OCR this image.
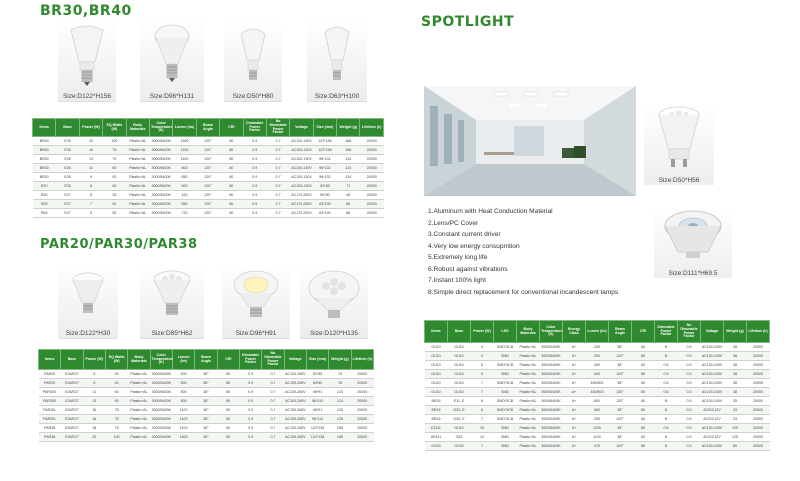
BR30,BR40
Size:D122*H156	Size:D96*H131	Size:D50*H80	Size:D63*H100
Items	Base	Power (W)	EQ.Watts (W)	Body Materials	Color Temperature (K)	Lumen (lm)	Beam Angle	CRI	Dimmable Power Factor	No Dimmable Power Factor	Voltage	Size (mm)	Weight (g)	Lifetime (h)
BR40	E26	20	100	Plastic+AL	3000/6400K	1500	120°	80	0.9	0.7	AC100-130V	122*156	168	20000
BR40	E26	16	75	Plastic+AL	3000/6400K	1100	120°	80	0.9	0.7	AC100-130V	122*156	168	20000
BR30	E26	13	75	Plastic+AL	3000/6400K	1100	120°	80	0.9	0.7	AC100-130V	96*131	124	20000
BR30	E26	11	60	Plastic+AL	3000/6400K	800	120°	80	0.9	0.7	AC100-130V	96*131	124	20000
BR30	E26	9	50	Plastic+AL	3000/6400K	650	120°	80	0.9	0.7	AC100-130V	96*131	124	20000
R20	E26	8	40	Plastic+AL	3000/6400K	500	120°	80	0.9	0.7	AC100-130V	63*85	71	20000
R50	E27	5	30	Plastic+AL	3000/6400K	420	120°	80	0.9	0.7	AC170-250V	50*80	46	20000
R63	E27	7	40	Plastic+AL	3000/6400K	550	120°	80	0.9	0.7	AC170-250V	63*100	88	20000
R63	E27	9	50	Plastic+AL	3000/6400K	720	120°	80	0.9	0.7	AC170-250V	63*100	88	20000
PAR20/PAR30/PAR38
Size:D122*H30	Size:D85*H62	Size:D96*H91	Size:D120*H135
Items	Base	Power (W)	EQ.Watts (W)	Body Materials	Color Temperature (K)	Lumen (lm)	Beam Angle	CRI	Dimmable Power Factor	No Dimmable Power Factor	Voltage	Size (mm)	Weight (g)	Lifetime (h)
PAR20	E26/E27	6	40	Plastic+AL	3000/6400K	500	38°	80	0.9	0.7	AC100-265V	62*85	78	20000
PAR20	E26/E27	8	40	Plastic+AL	3000/6400K	500	38°	80	0.9	0.7	AC100-265V	64*82	78	20000
PAR30S	E26/E27	11	60	Plastic+AL	3000/6400K	800	38°	80	0.9	0.7	AC100-265V	96*91	124	20000
PAR30S	E26/E27	13	60	Plastic+AL	3000/6400K	800	38°	80	0.9	0.7	AC100-265V	96*113	124	20000
PAR30L	E26/E27	16	75	Plastic+AL	3000/6400K	1100	38°	80	0.9	0.7	AC100-265V	96*91	128	20000
PAR30L	E26/E27	16	75	Plastic+AL	3000/6400K	1100	38°	80	0.9	0.7	AC100-265V	96*113	128	20000
PAR38	E26/E27	18	75	Plastic+AL	3000/6400K	1100	38°	80	0.9	0.7	AC100-265V	122*138	185	20000
PAR38	E26/E27	20	100	Plastic+AL	3000/6400K	1500	38°	80	0.9	0.7	AC100-265V	122*138	185	20000
SPOTLIGHT
Size:D50*H56
Size:D111*H69.5
1.Aluminum with Heat Conduction Material
2.Lens/PC Cover
3.Constant current driver
4.Very low energy consupmtion
5.Extremely long life
6.Robust against vibrations
7.Instant 100% light
8.Simple direct replacement for conventional incandescent lamps
Items	Base	Power (W)	LED	Body Materials	Color Temperature (K)	Energy Class	Lumen (lm)	Beam Angle	CRI	Dimmable Power Factor	No Dimmable Power Factor	Voltage	Weight (g)	Lifetime (h)
GU10	GU10	4	SMD*3CB	Plastic+AL	3000/6400K	A+	230	38°	80	N	0.5	AC100-240V	38	20000
GU10	GU10	3	SMD	Plastic+AL	3000/6400K	A+	250	120°	80	N	0.5	AC100-240V	38	20000
GU10	GU10	5	SMD*3CB	Plastic+AL	3000/6400K	A+	400	38°	80	0.6	0.5	AC100-240V	38	20000
GU10	GU10	5	SMD	Plastic+AL	3000/6400K	A+	400	120°	80	0.6	0.5	AC100-240V	38	20000
GU10	GU10	7	SMD*3CB	Plastic+AL	3000/6400K	A+	450/500	38°	80	0.6	0.5	AC100-240V	38	20000
GU10	GU10	7	SMD	Plastic+AL	3000/6400K	A+	450/500	120°	80	0.6	0.5	AC100-240V	38	20000
BR16	E11, E	6	SMD*3CB	Plastic+AL	3000/6400K	A+	600	120°	80	N	0.5	AC100-240V	35	20000
BR16	G53, E	6	SMD*3CB	Plastic+AL	3000/6400K	A+	600	38°	80	N	0.5	AC/DC12V	33	20000
BR16	G53, E	7	SMD*3CB	Plastic+AL	3000/6400K	A+	250	120°	80	N	0.5	AC/DC12V	33	20000
E3111	GU10	15	SMD	Plastic+AL	3000/6400K	A+	1200	38°	80	0.6	0.5	AC100-240V	125	20000
AR111	G53	14	SMD	Plastic+AL	3000/6400K	A+	1100	38°	80	N	0.5	AC/DC12V	125	20000
GX53	GX53	7	SMD	Plastic+AL	3000/6400K	A+	470	100°	80	N	0.5	AC100-240V	80	20000
